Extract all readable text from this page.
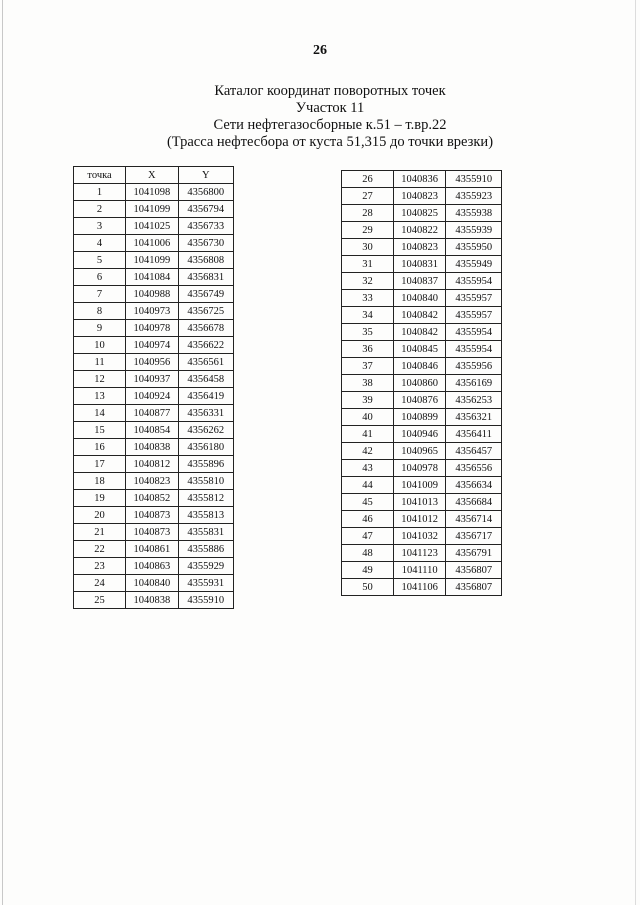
26
Каталог координат поворотных точек
Участок 11
Сети нефтегазосборные к.51 – т.вр.22
(Трасса нефтесбора от куста 51,315 до точки врезки)
точка	X	Y
1	1041098	4356800
2	1041099	4356794
3	1041025	4356733
4	1041006	4356730
5	1041099	4356808
6	1041084	4356831
7	1040988	4356749
8	1040973	4356725
9	1040978	4356678
10	1040974	4356622
11	1040956	4356561
12	1040937	4356458
13	1040924	4356419
14	1040877	4356331
15	1040854	4356262
16	1040838	4356180
17	1040812	4355896
18	1040823	4355810
19	1040852	4355812
20	1040873	4355813
21	1040873	4355831
22	1040861	4355886
23	1040863	4355929
24	1040840	4355931
25	1040838	4355910
26	1040836	4355910
27	1040823	4355923
28	1040825	4355938
29	1040822	4355939
30	1040823	4355950
31	1040831	4355949
32	1040837	4355954
33	1040840	4355957
34	1040842	4355957
35	1040842	4355954
36	1040845	4355954
37	1040846	4355956
38	1040860	4356169
39	1040876	4356253
40	1040899	4356321
41	1040946	4356411
42	1040965	4356457
43	1040978	4356556
44	1041009	4356634
45	1041013	4356684
46	1041012	4356714
47	1041032	4356717
48	1041123	4356791
49	1041110	4356807
50	1041106	4356807
